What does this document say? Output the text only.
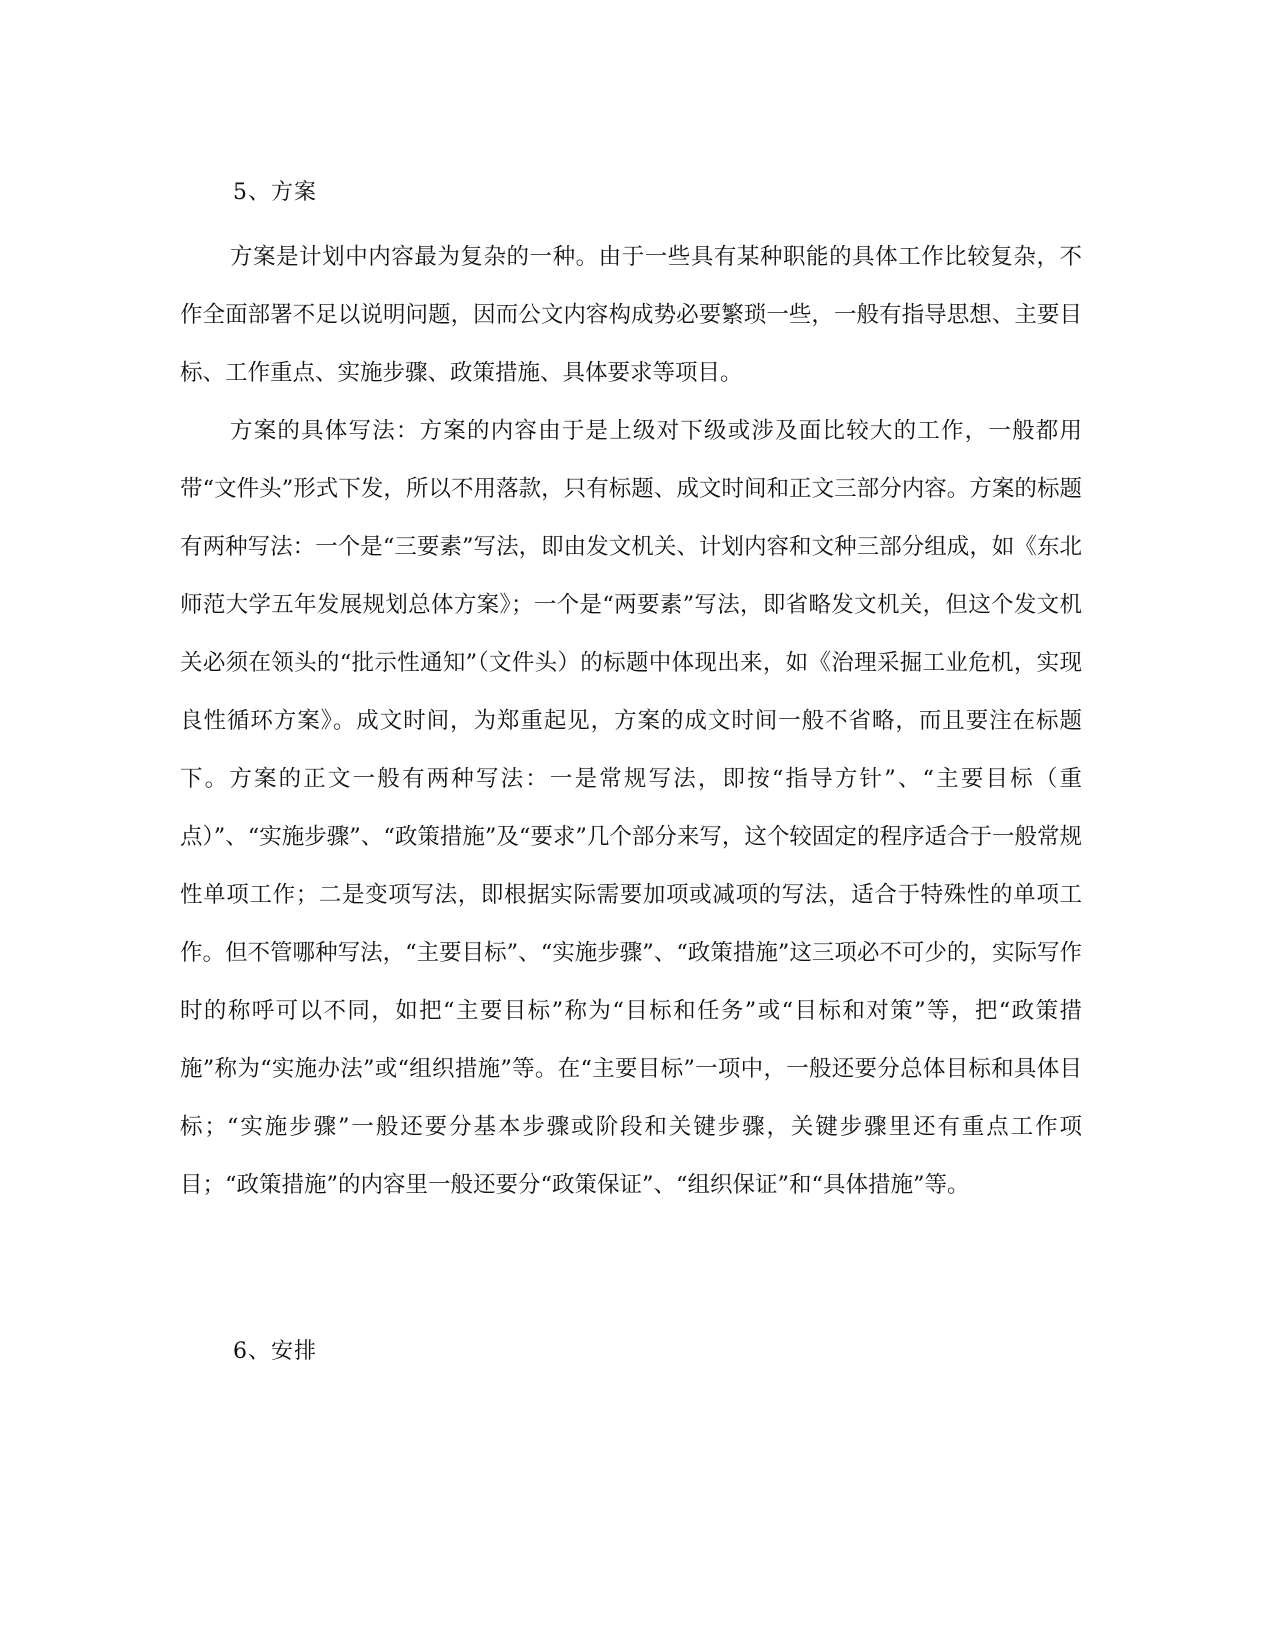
5、方案

方案是计划中内容最为复杂的一种。由于一些具有某种职能的具体工作比较复杂，不作全面部署不足以说明问题，因而公文内容构成势必要繁琐一些，一般有指导思想、主要目标、工作重点、实施步骤、政策措施、具体要求等项目。

方案的具体写法：方案的内容由于是上级对下级或涉及面比较大的工作，一般都用带“文件头”形式下发，所以不用落款，只有标题、成文时间和正文三部分内容。方案的标题有两种写法：一个是“三要素”写法，即由发文机关、计划内容和文种三部分组成，如《东北师范大学五年发展规划总体方案》；一个是“两要素”写法，即省略发文机关，但这个发文机关必须在领头的“批示性通知”（文件头）的标题中体现出来，如《治理采掘工业危机，实现良性循环方案》。成文时间，为郑重起见，方案的成文时间一般不省略，而且要注在标题下。方案的正文一般有两种写法：一是常规写法，即按“指导方针”、“主要目标（重点）”、“实施步骤”、“政策措施”及“要求”几个部分来写，这个较固定的程序适合于一般常规性单项工作；二是变项写法，即根据实际需要加项或减项的写法，适合于特殊性的单项工作。但不管哪种写法，“主要目标”、“实施步骤”、“政策措施”这三项必不可少的，实际写作时的称呼可以不同，如把“主要目标”称为“目标和任务”或“目标和对策”等，把“政策措施”称为“实施办法”或“组织措施”等。在“主要目标”一项中，一般还要分总体目标和具体目标；“实施步骤”一般还要分基本步骤或阶段和关键步骤，关键步骤里还有重点工作项目；“政策措施”的内容里一般还要分“政策保证”、“组织保证”和“具体措施”等。

6、安排
